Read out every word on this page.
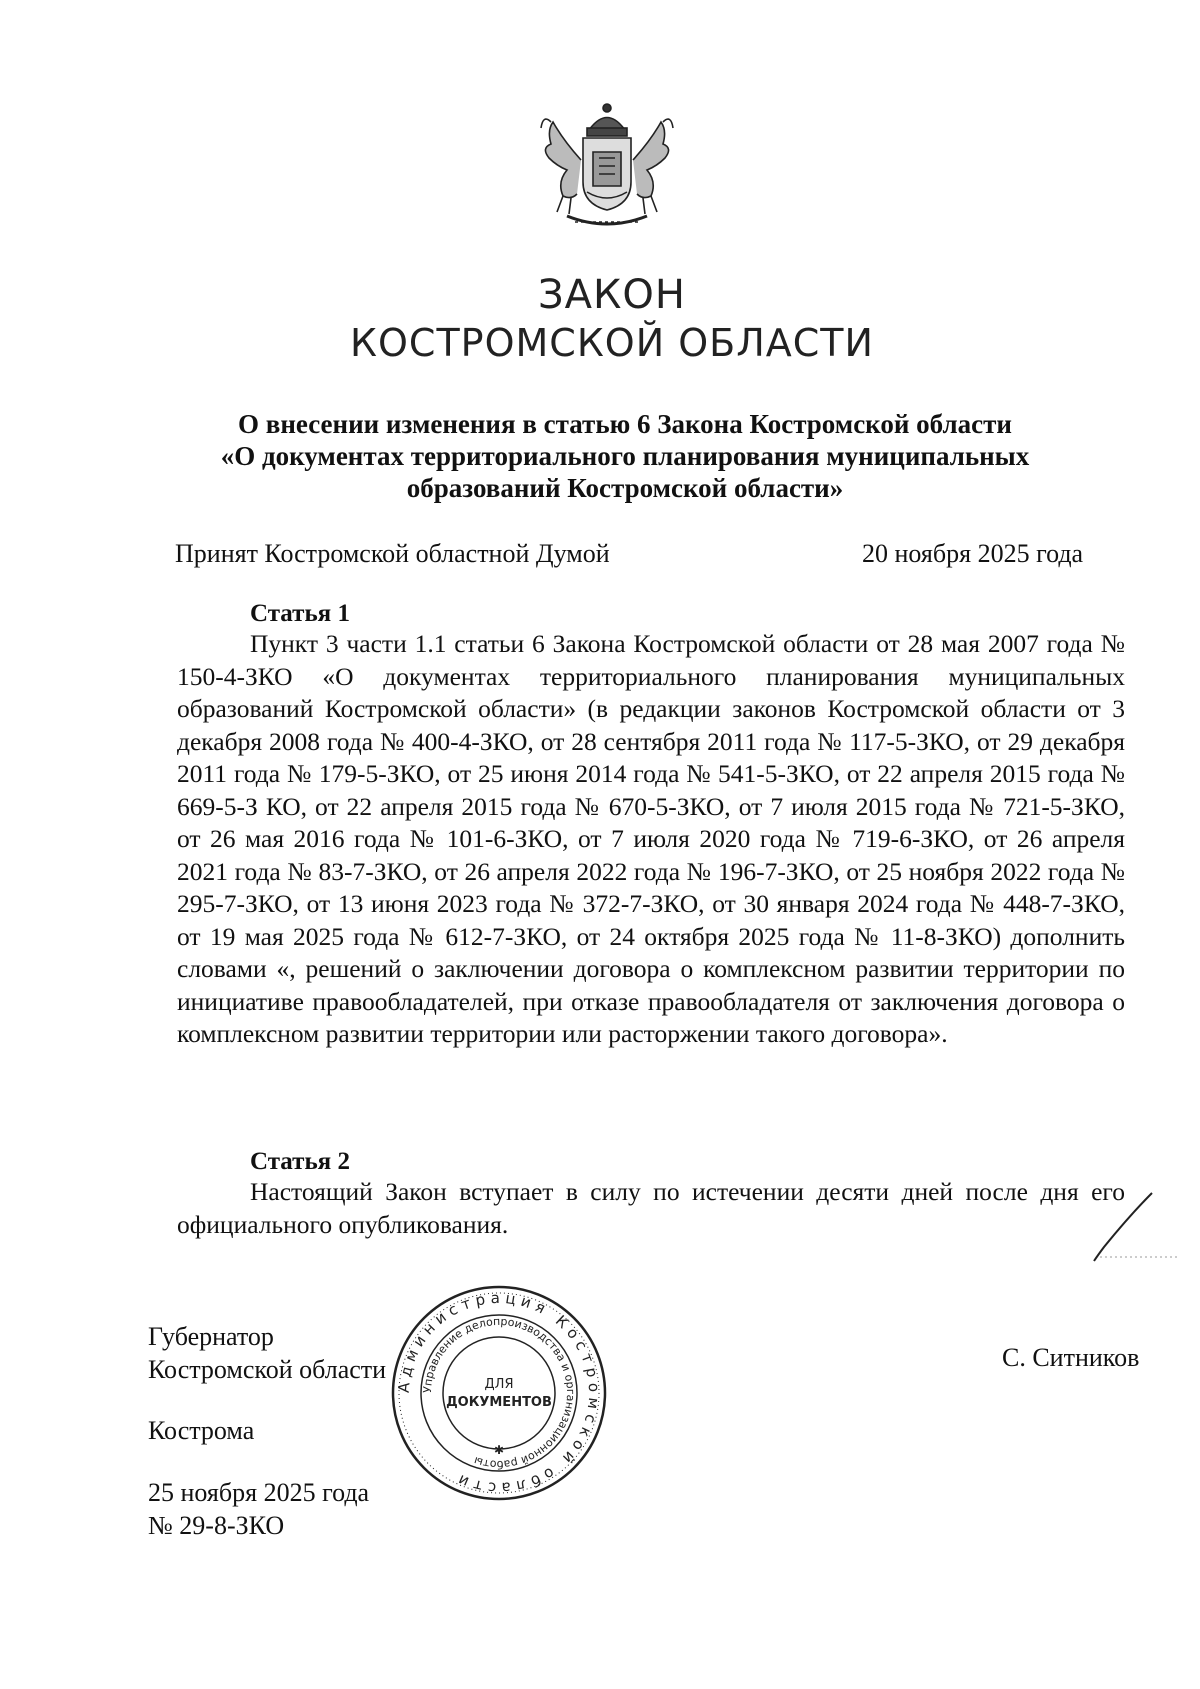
ЗАКОН
КОСТРОМСКОЙ ОБЛАСТИ
О внесении изменения в статью 6 Закона Костромской области
«О документах территориального планирования муниципальных
образований Костромской области»
Принят Костромской областной Думой	20 ноября 2025 года
Статья 1
Пункт 3 части 1.1 статьи 6 Закона Костромской области от 28 мая 2007 года № 150-4-ЗКО «О документах территориального планирования муниципальных образований Костромской области» (в редакции законов Костромской области от 3 декабря 2008 года № 400-4-ЗКО, от 28 сентября 2011 года № 117-5-ЗКО, от 29 декабря 2011 года № 179-5-ЗКО, от 25 июня 2014 года № 541-5-ЗКО, от 22 апреля 2015 года № 669-5-З КО, от 22 апреля 2015 года № 670-5-ЗКО, от 7 июля 2015 года № 721-5-ЗКО, от 26 мая 2016 года № 101-6-ЗКО, от 7 июля 2020 года № 719-6-ЗКО, от 26 апреля 2021 года № 83-7-ЗКО, от 26 апреля 2022 года № 196-7-ЗКО, от 25 ноября 2022 года № 295-7-ЗКО, от 13 июня 2023 года № 372-7-ЗКО, от 30 января 2024 года № 448-7-ЗКО, от 19 мая 2025 года № 612-7-ЗКО, от 24 октября 2025 года № 11-8-ЗКО) дополнить словами «, решений о заключении договора о комплексном развитии территории по инициативе правообладателей, при отказе правообладателя от заключения договора о комплексном развитии территории или расторжении такого договора».
Статья 2
Настоящий Закон вступает в силу по истечении десяти дней после дня его официального опубликования.
Губернатор
Костромской области	С. Ситников
Кострома
25 ноября 2025 года
№ 29-8-ЗКО
Администрация Костромской области
Управление делопроизводства и организационной работы
ДЛЯ
ДОКУМЕНТОВ
✱
